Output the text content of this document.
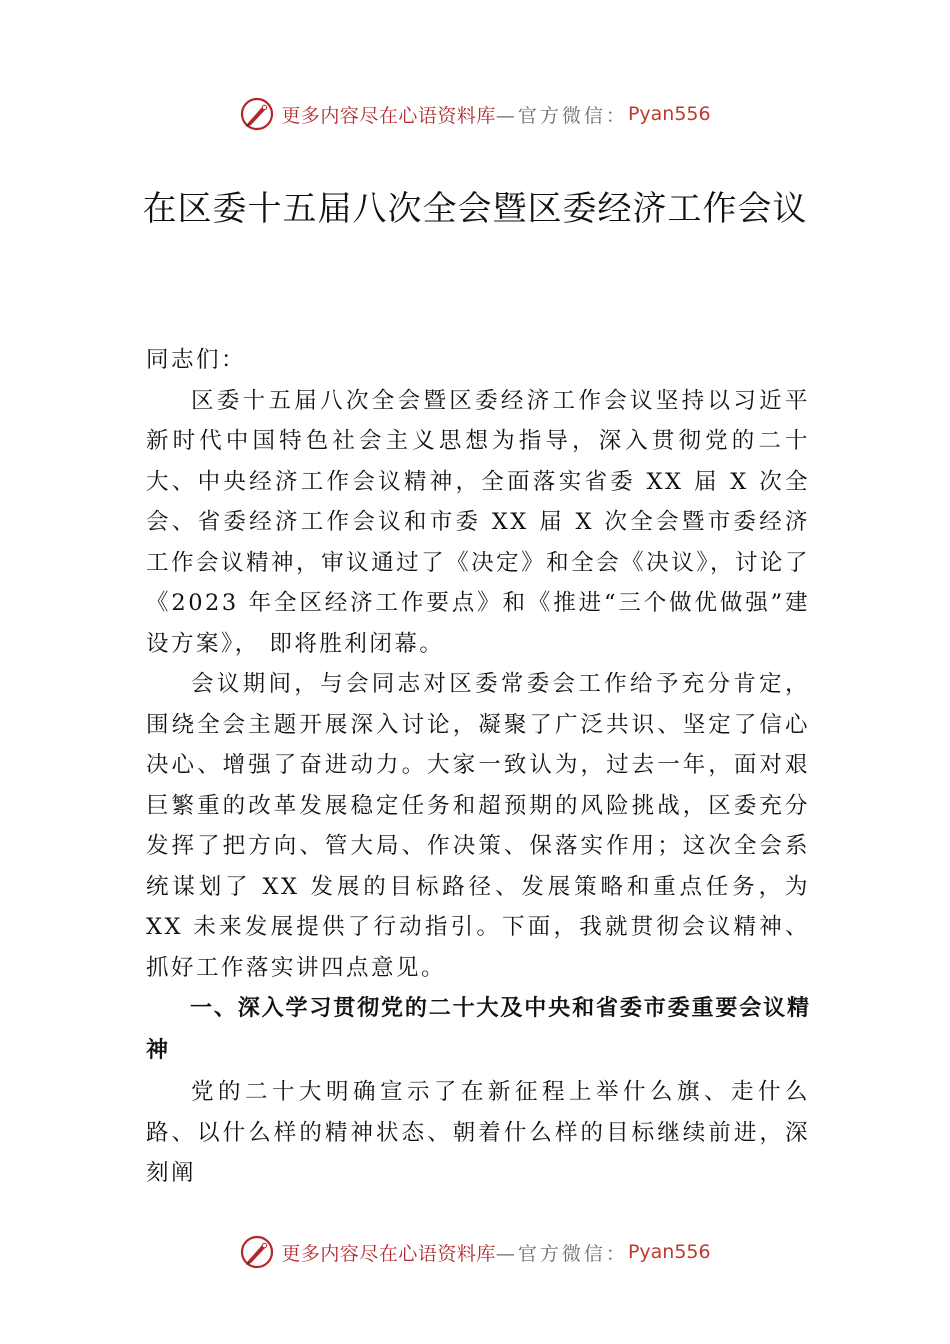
更多内容尽在心语资料库 —官方微信： Pyan556
在区委十五届八次全会暨区委经济工作会议

同志们：

区委十五届八次全会暨区委经济工作会议坚持以习近平新时代中国特色社会主义思想为指导，深入贯彻党的二十大、中央经济工作会议精神，全面落实省委 XX 届 X 次全会、省委经济工作会议和市委 XX 届 X 次全会暨市委经济工作会议精神，审议通过了《决定》和全会《决议》，讨论了《2023 年全区经济工作要点》和《推进“三个做优做强”建设方案》， 即将胜利闭幕。

会议期间，与会同志对区委常委会工作给予充分肯定，围绕全会主题开展深入讨论，凝聚了广泛共识、坚定了信心决心、增强了奋进动力。大家一致认为，过去一年，面对艰巨繁重的改革发展稳定任务和超预期的风险挑战，区委充分发挥了把方向、管大局、作决策、保落实作用；这次全会系统谋划了 XX 发展的目标路径、发展策略和重点任务，为 XX 未来发展提供了行动指引。下面，我就贯彻会议精神、抓好工作落实讲四点意见。

一、深入学习贯彻党的二十大及中央和省委市委重要会议精神

党的二十大明确宣示了在新征程上举什么旗、走什么路、以什么样的精神状态、朝着什么样的目标继续前进，深刻阐

更多内容尽在心语资料库 —官方微信： Pyan556
